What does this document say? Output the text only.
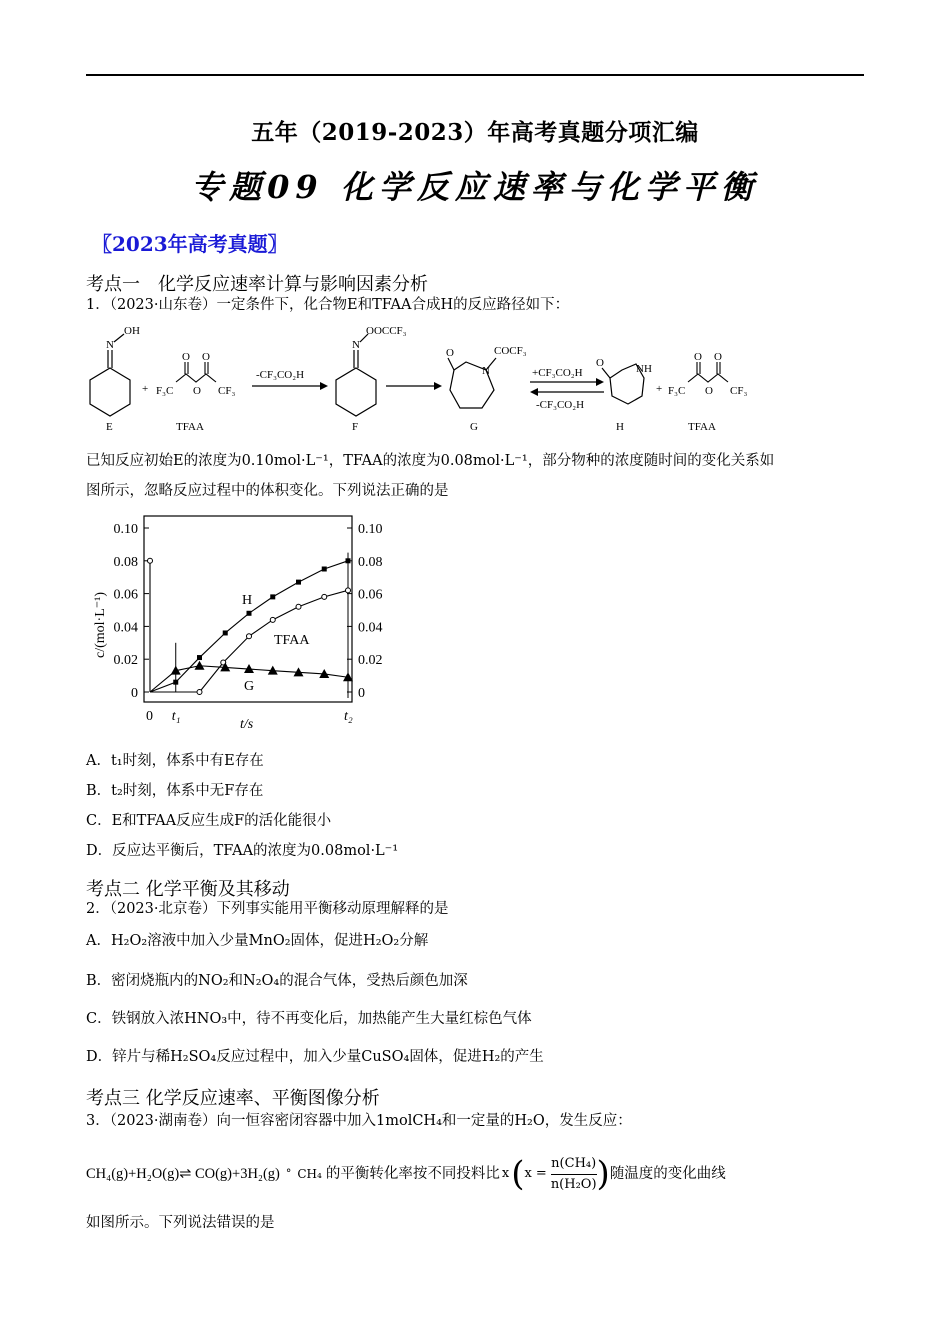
五年（2019-2023）年高考真题分项汇编
专题09 化学反应速率与化学平衡
〖2023年高考真题〗
考点一　化学反应速率计算与影响因素分析
1．（2023·山东卷）一定条件下，化合物E和TFAA合成H的反应路径如下：
N
OH
E
+
O O
O
F₃C	CF₃
TFAA
-CF₃CO₂H
N
OOCCF₃
F
O
N
COCF₃
G
+CF₃CO₂H
-CF₃CO₂H
O	NH
H
+
O O
O
F₃C	CF₃
TFAA
已知反应初始E的浓度为0.10mol·L⁻¹，TFAA的浓度为0.08mol·L⁻¹，部分物种的浓度随时间的变化关系如
图所示，忽略反应过程中的体积变化。下列说法正确的是
0	0
0.02	0.02
0.04	0.04
0.06	0.06
0.08	0.08
0.10	0.10
0 t₁	t₂
t/s
c/(mol·L⁻¹)	H
TFAA
G
A．t₁时刻，体系中有E存在
B．t₂时刻，体系中无F存在
C．E和TFAA反应生成F的活化能很小
D．反应达平衡后，TFAA的浓度为0.08mol·L⁻¹
考点二 化学平衡及其移动
2．（2023·北京卷）下列事实能用平衡移动原理解释的是
A．H₂O₂溶液中加入少量MnO₂固体，促进H₂O₂分解
B．密闭烧瓶内的NO₂和N₂O₄的混合气体，受热后颜色加深
C．铁钢放入浓HNO₃中，待不再变化后，加热能产生大量红棕色气体
D．锌片与稀H₂SO₄反应过程中，加入少量CuSO₄固体，促进H₂的产生
考点三 化学反应速率、平衡图像分析
3．（2023·湖南卷）向一恒容密闭容器中加入1molCH₄和一定量的H₂O，发生反应：
CH₄(g)+H₂O(g)⇌ CO(g)+3H₂(g) ° CH₄ 的平衡转化率按不同投料比 x ( $x = \frac{\text{n(CH₄)}}{\text{n(H₂O)}}$ ) 随温度的变化曲线
如图所示。下列说法错误的是
